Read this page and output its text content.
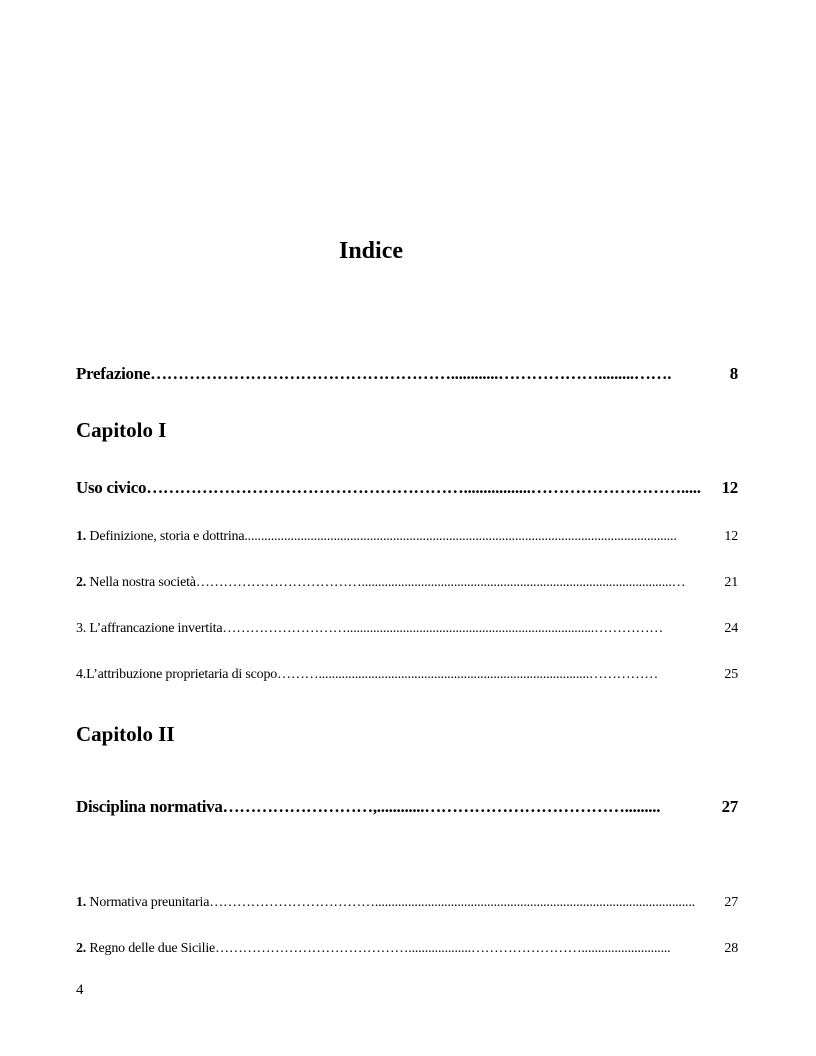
Indice
8
Prefazione ………………………………………………............……………….........…….
Capitolo I
12
Uso civico ………………………………………………….................……………………….....
12
1. Definizione, storia e dottrina ...................................................................................................................................
21
2. Nella nostra società ………………………………..............................................................................................…
24
3. L’affrancazione invertita ………………………...........................................................................……………
25
4.L’attribuzione proprietaria di scopo ………..................................................................................……………
Capitolo II
27
Disciplina normativa ………………………,............……………………………….........
27
1. Normativa preunitaria ……………………………….................................................................................................
28
2. Regno delle due Sicilie ……………………………………...................……………………...........................
4
